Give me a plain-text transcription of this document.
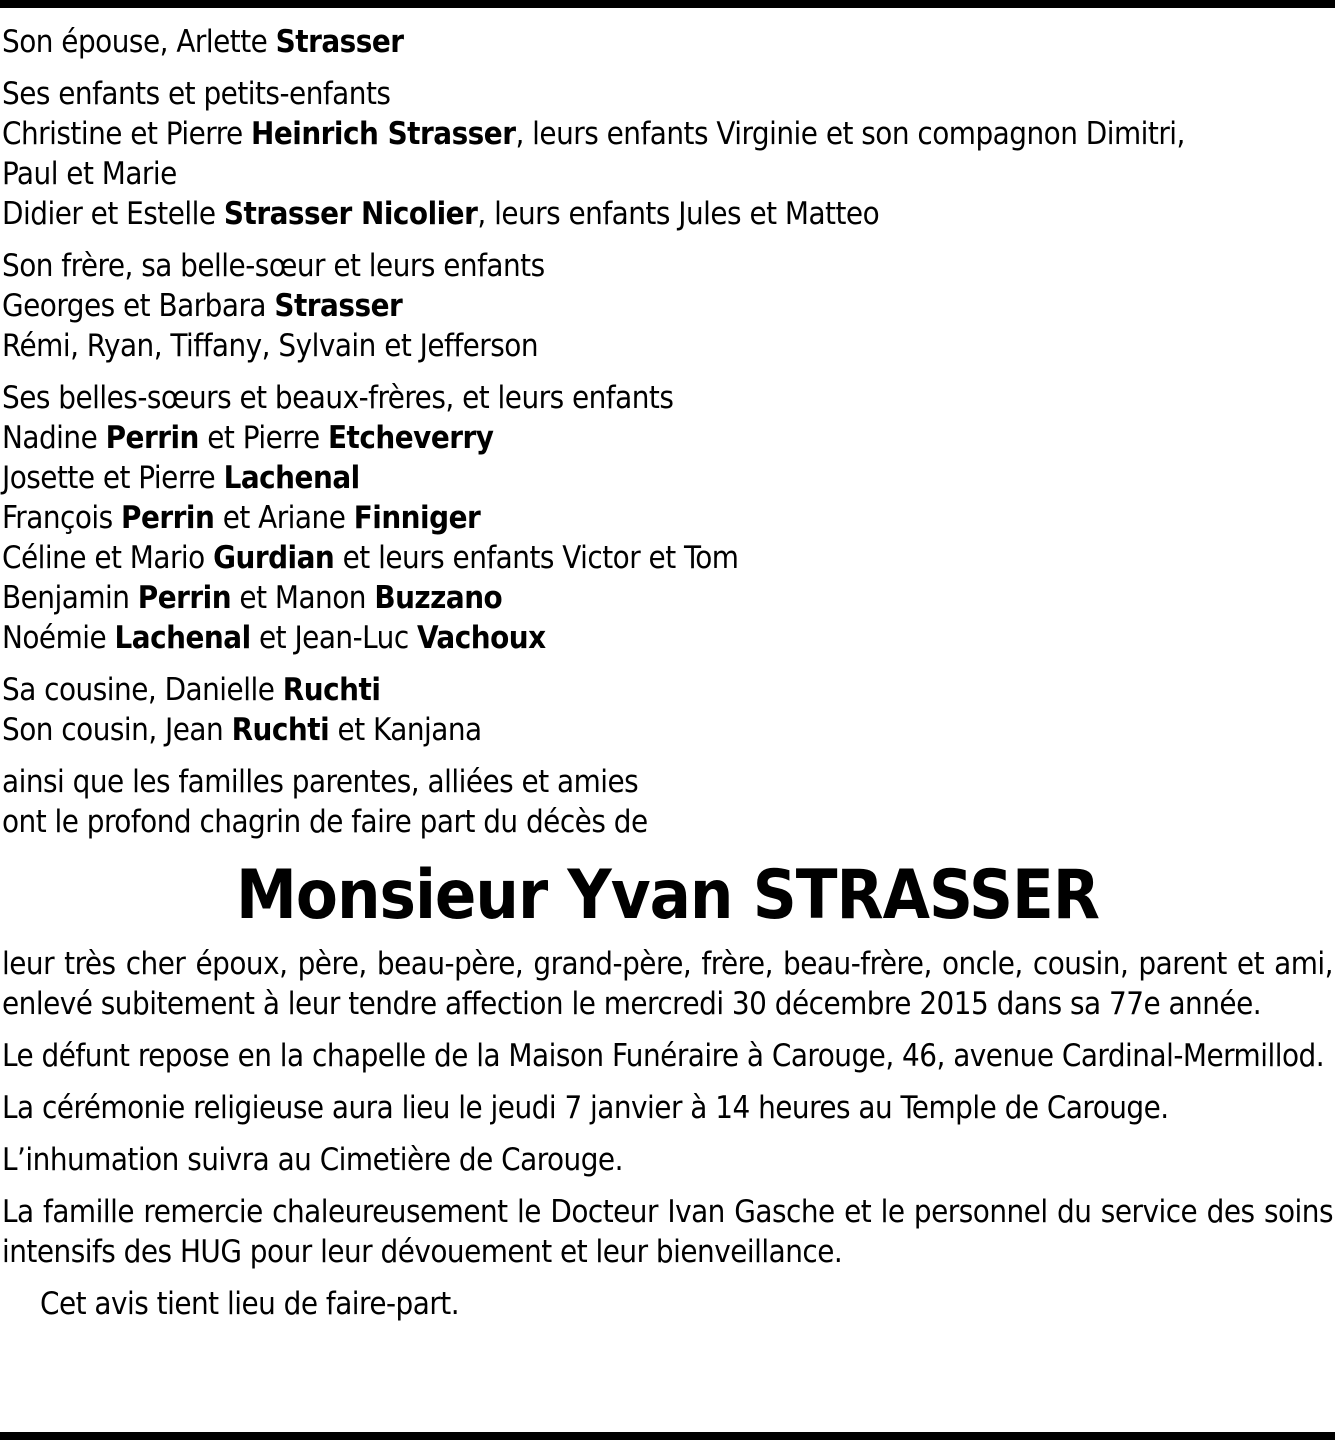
Son épouse, Arlette Strasser
Ses enfants et petits-enfants
Christine et Pierre Heinrich Strasser, leurs enfants Virginie et son compagnon Dimitri,
Paul et Marie
Didier et Estelle Strasser Nicolier, leurs enfants Jules et Matteo
Son frère, sa belle-sœur et leurs enfants
Georges et Barbara Strasser
Rémi, Ryan, Tiffany, Sylvain et Jefferson
Ses belles-sœurs et beaux-frères, et leurs enfants
Nadine Perrin et Pierre Etcheverry
Josette et Pierre Lachenal
François Perrin et Ariane Finniger
Céline et Mario Gurdian et leurs enfants Victor et Tom
Benjamin Perrin et Manon Buzzano
Noémie Lachenal et Jean-Luc Vachoux
Sa cousine, Danielle Ruchti
Son cousin, Jean Ruchti et Kanjana
ainsi que les familles parentes, alliées et amies
ont le profond chagrin de faire part du décès de
Monsieur Yvan STRASSER

leur très cher époux, père, beau-père, grand-père, frère, beau-frère, oncle, cousin, parent et ami, enlevé subitement à leur tendre affection le mercredi 30 décembre 2015 dans sa 77e année.

Le défunt repose en la chapelle de la Maison Funéraire à Carouge, 46, avenue Cardinal-Mermillod.

La cérémonie religieuse aura lieu le jeudi 7 janvier à 14 heures au Temple de Carouge.

L’inhumation suivra au Cimetière de Carouge.

La famille remercie chaleureusement le Docteur Ivan Gasche et le personnel du service des soins intensifs des HUG pour leur dévouement et leur bienveillance.

Cet avis tient lieu de faire-part.
